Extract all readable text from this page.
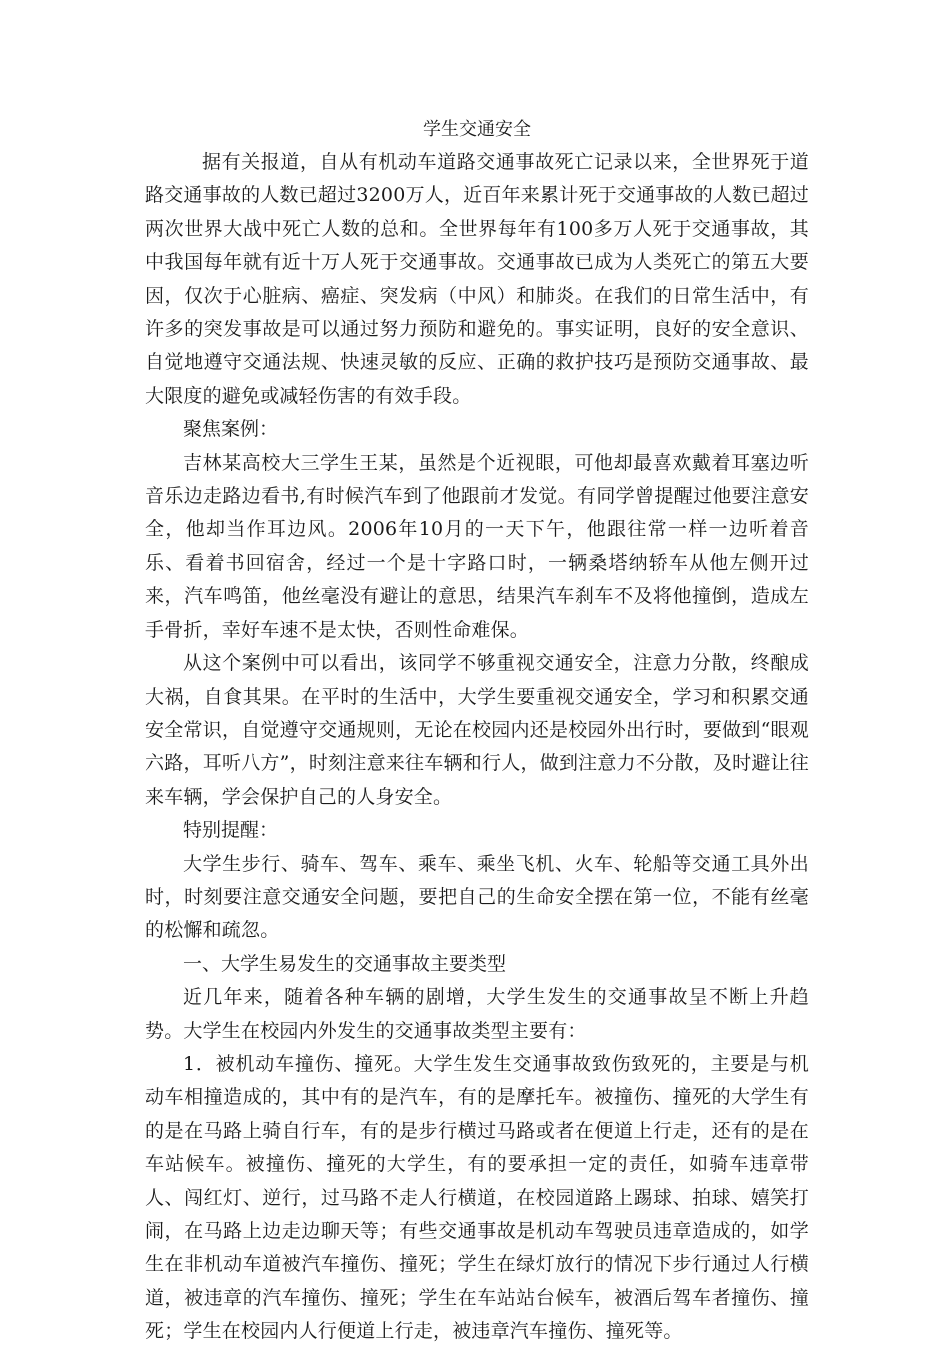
学生交通安全

据有关报道，自从有机动车道路交通事故死亡记录以来，全世界死于道路交通事故的人数已超过3200万人，近百年来累计死于交通事故的人数已超过两次世界大战中死亡人数的总和。全世界每年有100多万人死于交通事故，其中我国每年就有近十万人死于交通事故。交通事故已成为人类死亡的第五大要因，仅次于心脏病、癌症、突发病（中风）和肺炎。在我们的日常生活中，有许多的突发事故是可以通过努力预防和避免的。事实证明，良好的安全意识、自觉地遵守交通法规、快速灵敏的反应、正确的救护技巧是预防交通事故、最大限度的避免或减轻伤害的有效手段。

聚焦案例：

吉林某高校大三学生王某，虽然是个近视眼，可他却最喜欢戴着耳塞边听音乐边走路边看书,有时候汽车到了他跟前才发觉。有同学曾提醒过他要注意安全，他却当作耳边风。2006年10月的一天下午，他跟往常一样一边听着音乐、看着书回宿舍，经过一个是十字路口时，一辆桑塔纳轿车从他左侧开过来，汽车鸣笛，他丝毫没有避让的意思，结果汽车刹车不及将他撞倒，造成左手骨折，幸好车速不是太快，否则性命难保。

从这个案例中可以看出，该同学不够重视交通安全，注意力分散，终酿成大祸，自食其果。在平时的生活中，大学生要重视交通安全，学习和积累交通安全常识，自觉遵守交通规则，无论在校园内还是校园外出行时，要做到“眼观六路，耳听八方”，时刻注意来往车辆和行人，做到注意力不分散，及时避让往来车辆，学会保护自己的人身安全。

特别提醒：

大学生步行、骑车、驾车、乘车、乘坐飞机、火车、轮船等交通工具外出时，时刻要注意交通安全问题，要把自己的生命安全摆在第一位，不能有丝毫的松懈和疏忽。

一、大学生易发生的交通事故主要类型

近几年来，随着各种车辆的剧增，大学生发生的交通事故呈不断上升趋势。大学生在校园内外发生的交通事故类型主要有：

1．被机动车撞伤、撞死。大学生发生交通事故致伤致死的，主要是与机动车相撞造成的，其中有的是汽车，有的是摩托车。被撞伤、撞死的大学生有的是在马路上骑自行车，有的是步行横过马路或者在便道上行走，还有的是在车站候车。被撞伤、撞死的大学生，有的要承担一定的责任，如骑车违章带人、闯红灯、逆行，过马路不走人行横道，在校园道路上踢球、拍球、嬉笑打闹，在马路上边走边聊天等；有些交通事故是机动车驾驶员违章造成的，如学生在非机动车道被汽车撞伤、撞死；学生在绿灯放行的情况下步行通过人行横道，被违章的汽车撞伤、撞死；学生在车站站台候车，被酒后驾车者撞伤、撞死；学生在校园内人行便道上行走，被违章汽车撞伤、撞死等。
